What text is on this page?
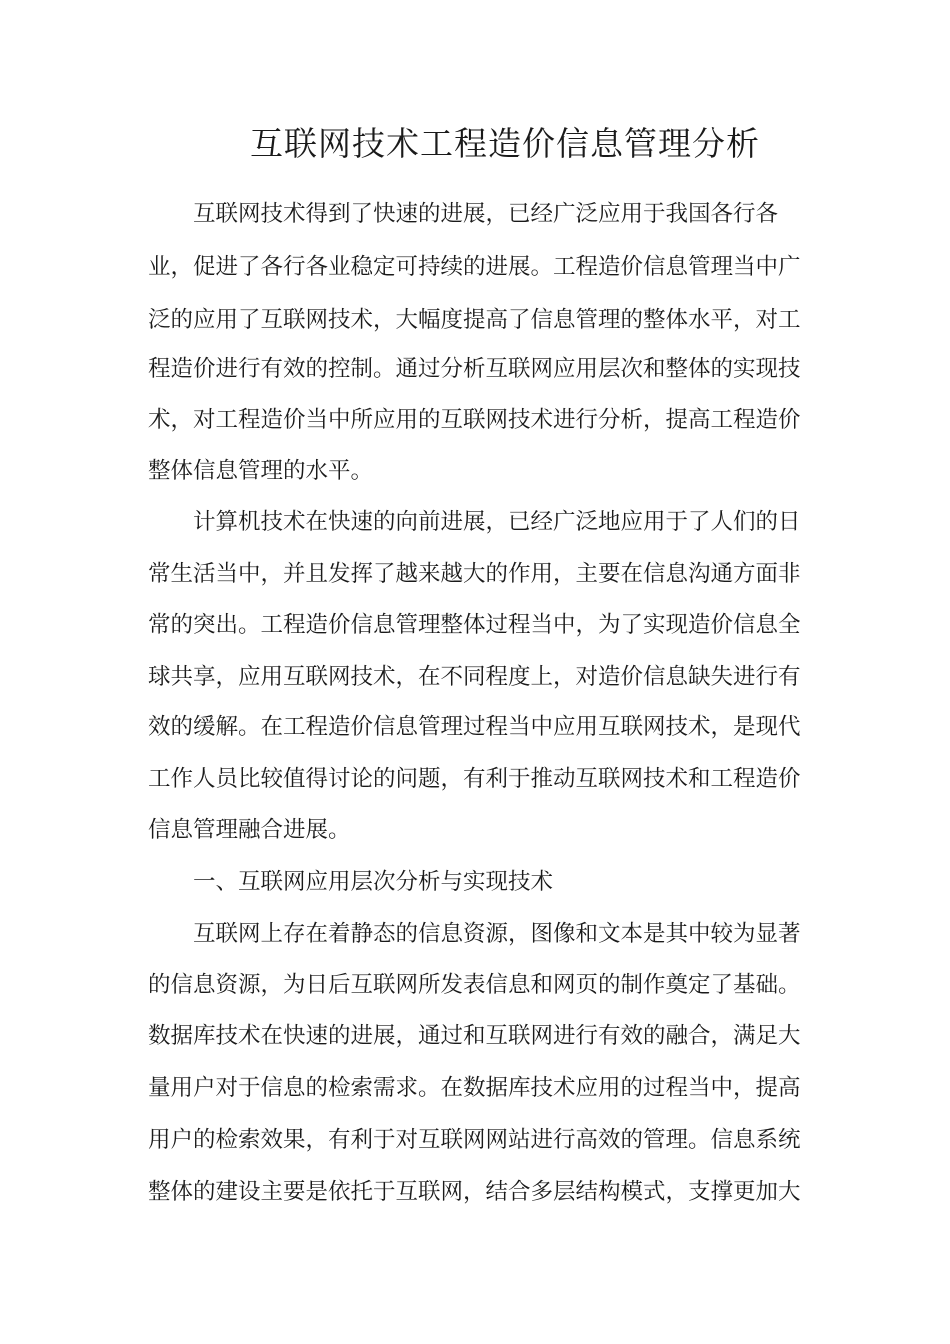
互联网技术工程造价信息管理分析
互联网技术得到了快速的进展，已经广泛应用于我国各行各
业，促进了各行各业稳定可持续的进展。工程造价信息管理当中广
泛的应用了互联网技术，大幅度提高了信息管理的整体水平，对工
程造价进行有效的控制。通过分析互联网应用层次和整体的实现技
术，对工程造价当中所应用的互联网技术进行分析，提高工程造价
整体信息管理的水平。
计算机技术在快速的向前进展，已经广泛地应用于了人们的日
常生活当中，并且发挥了越来越大的作用，主要在信息沟通方面非
常的突出。工程造价信息管理整体过程当中，为了实现造价信息全
球共享，应用互联网技术，在不同程度上，对造价信息缺失进行有
效的缓解。在工程造价信息管理过程当中应用互联网技术，是现代
工作人员比较值得讨论的问题，有利于推动互联网技术和工程造价
信息管理融合进展。
一、互联网应用层次分析与实现技术
互联网上存在着静态的信息资源，图像和文本是其中较为显著
的信息资源，为日后互联网所发表信息和网页的制作奠定了基础。
数据库技术在快速的进展，通过和互联网进行有效的融合，满足大
量用户对于信息的检索需求。在数据库技术应用的过程当中，提高
用户的检索效果，有利于对互联网网站进行高效的管理。信息系统
整体的建设主要是依托于互联网，结合多层结构模式，支撑更加大
